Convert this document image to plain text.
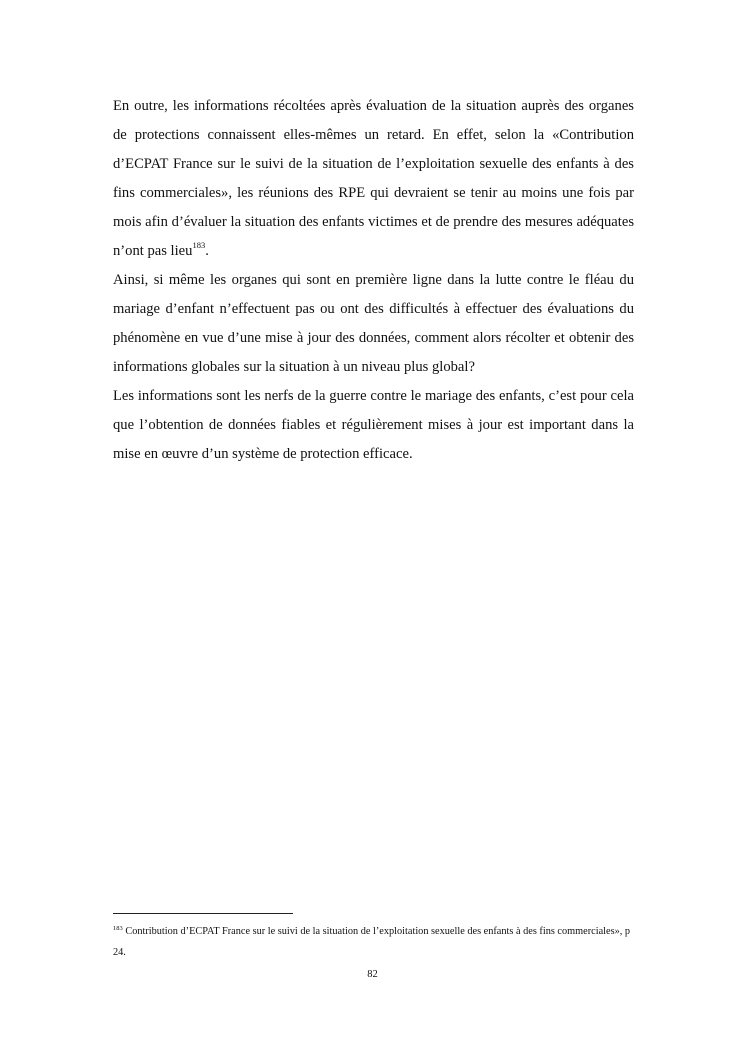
En outre, les informations récoltées après évaluation de la situation auprès des organes de protections connaissent elles-mêmes un retard. En effet, selon la «Contribution d’ECPAT France sur le suivi de la situation de l’exploitation sexuelle des enfants à des fins commerciales», les réunions des RPE qui devraient se tenir au moins une fois par mois afin d’évaluer la situation des enfants victimes et de prendre des mesures adéquates n’ont pas lieu$^{183}$.

Ainsi, si même les organes qui sont en première ligne dans la lutte contre le fléau du mariage d’enfant n’effectuent pas ou ont des difficultés à effectuer des évaluations du phénomène en vue d’une mise à jour des données, comment alors récolter et obtenir des informations globales sur la situation à un niveau plus global?

Les informations sont les nerfs de la guerre contre le mariage des enfants, c’est pour cela que l’obtention de données fiables et régulièrement mises à jour est important dans la mise en œuvre d’un système de protection efficace.

$^{183}$ Contribution d’ECPAT France sur le suivi de la situation de l’exploitation sexuelle des enfants à des fins commerciales», p 24.

82
